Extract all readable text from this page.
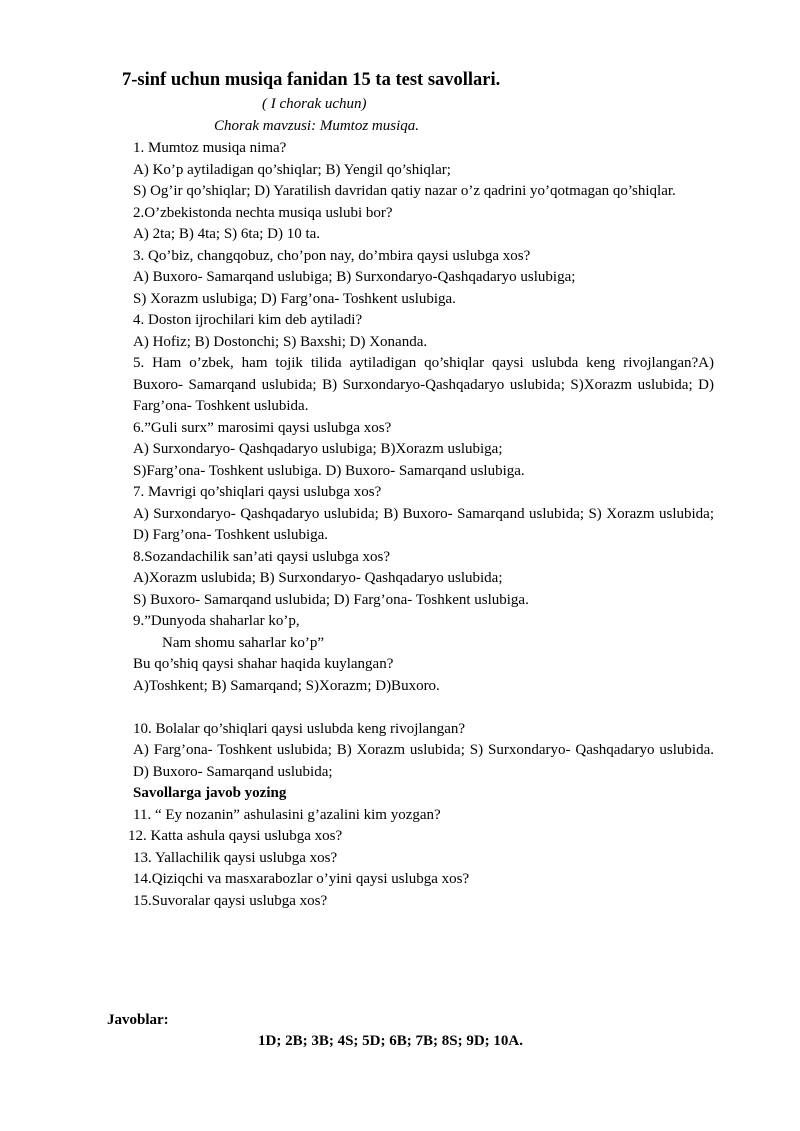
7-sinf uchun musiqa fanidan 15 ta test savollari.
( I chorak uchun)
Chorak mavzusi: Mumtoz musiqa.
1. Mumtoz musiqa nima?
A) Ko’p aytiladigan qo’shiqlar; B) Yengil qo’shiqlar;
S) Og’ir qo’shiqlar; D) Yaratilish davridan qatiy nazar o’z qadrini yo’qotmagan qo’shiqlar.
2.O’zbekistonda nechta musiqa uslubi bor?
A) 2ta; B) 4ta; S) 6ta; D) 10 ta.
3. Qo’biz, changqobuz, cho’pon nay, do’mbira qaysi uslubga xos?
A) Buxoro- Samarqand uslubiga; B) Surxondaryo-Qashqadaryo uslubiga;
S) Xorazm uslubiga; D) Farg’ona- Toshkent uslubiga.
4. Doston ijrochilari kim deb aytiladi?
A) Hofiz; B) Dostonchi; S) Baxshi; D) Xonanda.
5. Ham o’zbek, ham tojik tilida aytiladigan qo’shiqlar qaysi uslubda keng rivojlangan?A) Buxoro- Samarqand uslubida; B) Surxondaryo-Qashqadaryo uslubida; S)Xorazm uslubida; D) Farg’ona- Toshkent uslubida.
6.”Guli surx” marosimi qaysi uslubga xos?
A) Surxondaryo- Qashqadaryo uslubiga; B)Xorazm uslubiga;
S)Farg’ona- Toshkent uslubiga. D) Buxoro- Samarqand uslubiga.
7. Mavrigi qo’shiqlari qaysi uslubga xos?
A) Surxondaryo- Qashqadaryo uslubida; B) Buxoro- Samarqand uslubida; S) Xorazm uslubida; D) Farg’ona- Toshkent uslubiga.
8.Sozandachilik san’ati qaysi uslubga xos?
A)Xorazm uslubida; B) Surxondaryo- Qashqadaryo uslubida;
S) Buxoro- Samarqand uslubida; D) Farg’ona- Toshkent uslubiga.
9.”Dunyoda shaharlar ko’p,
Nam shomu saharlar ko’p”
Bu qo’shiq qaysi shahar haqida kuylangan?
A)Toshkent; B) Samarqand; S)Xorazm; D)Buxoro.
10. Bolalar qo’shiqlari qaysi uslubda keng rivojlangan?
A) Farg’ona- Toshkent uslubida; B) Xorazm uslubida; S) Surxondaryo- Qashqadaryo uslubida. D) Buxoro- Samarqand uslubida;
Savollarga javob yozing
11. “ Ey nozanin” ashulasini g’azalini kim yozgan?
12. Katta ashula qaysi uslubga xos?
13. Yallachilik qaysi uslubga xos?
14.Qiziqchi va masxarabozlar o’yini qaysi uslubga xos?
15.Suvoralar qaysi uslubga xos?
Javoblar:
1D; 2B; 3B; 4S; 5D; 6B; 7B; 8S; 9D; 10A.
